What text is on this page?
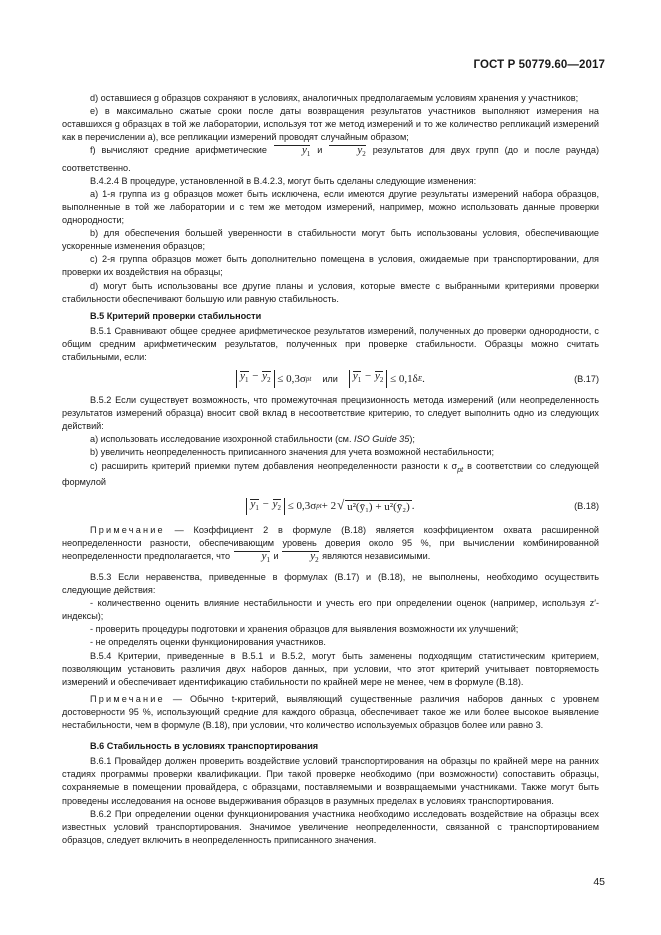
ГОСТ Р 50779.60—2017

d) оставшиеся g образцов сохраняют в условиях, аналогичных предполагаемым условиям хранения у участников;

e) в максимально сжатые сроки после даты возвращения результатов участников выполняют измерения на оставшихся g образцах в той же лаборатории, используя тот же метод измерений и то же количество репликаций измерений как в перечислении а), все репликации измерений проводят случайным образом;

f) вычисляют средние арифметические	$y_1$ и	$y_2$ результатов для двух групп (до и после раунда) соответственно.

B.4.2.4 В процедуре, установленной в B.4.2.3, могут быть сделаны следующие изменения:

a) 1-я группа из g образцов может быть исключена, если имеются другие результаты измерений набора образцов, выполненные в той же лаборатории и с тем же методом измерений, например, можно использовать данные проверки однородности;

b) для обеспечения большей уверенности в стабильности могут быть использованы условия, обеспечивающие ускоренные изменения образцов;

c) 2-я группа образцов может быть дополнительно помещена в условия, ожидаемые при транспортировании, для проверки их воздействия на образцы;

d) могут быть использованы все другие планы и условия, которые вместе с выбранными критериями проверки стабильности обеспечивают большую или равную стабильность.

B.5 Критерий проверки стабильности

B.5.1 Сравнивают общее среднее арифметическое результатов измерений, полученных до проверки однородности, с общим средним арифметическим результатов, полученных при проверке стабильности. Образцы можно считать стабильными, если:

$y_1 - y_2$
≤ 0,3σ pt
или
	$y_1 - y_2$
≤ 0,1δ E .	(B.17)

B.5.2 Если существует возможность, что промежуточная прецизионность метода измерений (или неопределенность результатов измерений образца) вносит свой вклад в несоответствие критерию, то следует выполнить одно из следующих действий:

a) использовать исследование изохронной стабильности (см. ISO Guide 35);

b) увеличить неопределенность приписанного значения для учета возможной нестабильности;

c) расширить критерий приемки путем добавления неопределенности разности к $\sigma_{pt}$ в соответствии со следующей формулой

$y_1 - y_2$
≤ 0,3σ pt + 2
√ u²(ȳ₁) + u²(ȳ₂) .	(B.18)

Примечание — Коэффициент 2 в формуле (B.18) является коэффициентом охвата расширенной неопределенности разности, обеспечивающим уровень доверия около 95 %, при вычислении комбинированной неопределенности предполагается, что	$y_1$ и	$y_2$ являются независимыми.

B.5.3 Если неравенства, приведенные в формулах (B.17) и (B.18), не выполнены, необходимо осуществить следующие действия:

- количественно оценить влияние нестабильности и учесть его при определении оценок (например, используя z′-индексы);

- проверить процедуры подготовки и хранения образцов для выявления возможности их улучшений;

- не определять оценки функционирования участников.

B.5.4 Критерии, приведенные в B.5.1 и B.5.2, могут быть заменены подходящим статистическим критерием, позволяющим установить различия двух наборов данных, при условии, что этот критерий учитывает повторяемость измерений и обеспечивает идентификацию стабильности по крайней мере не менее, чем в формуле (B.18).

Примечание — Обычно t-критерий, выявляющий существенные различия наборов данных с уровнем достоверности 95 %, использующий средние для каждого образца, обеспечивает такое же или более высокое выявление нестабильности, чем в формуле (B.18), при условии, что количество используемых образцов более или равно 3.

B.6 Стабильность в условиях транспортирования

B.6.1 Провайдер должен проверить воздействие условий транспортирования на образцы по крайней мере на ранних стадиях программы проверки квалификации. При такой проверке необходимо (при возможности) сопоставить образцы, сохраняемые в помещении провайдера, с образцами, поставляемыми и возвращаемыми участниками. Также могут быть проведены исследования на основе выдерживания образцов в разумных пределах в условиях транспортирования.

B.6.2 При определении оценки функционирования участника необходимо исследовать воздействие на образцы всех известных условий транспортирования. Значимое увеличение неопределенности, связанной с транспортированием образцов, следует включить в неопределенность приписанного значения.

45
